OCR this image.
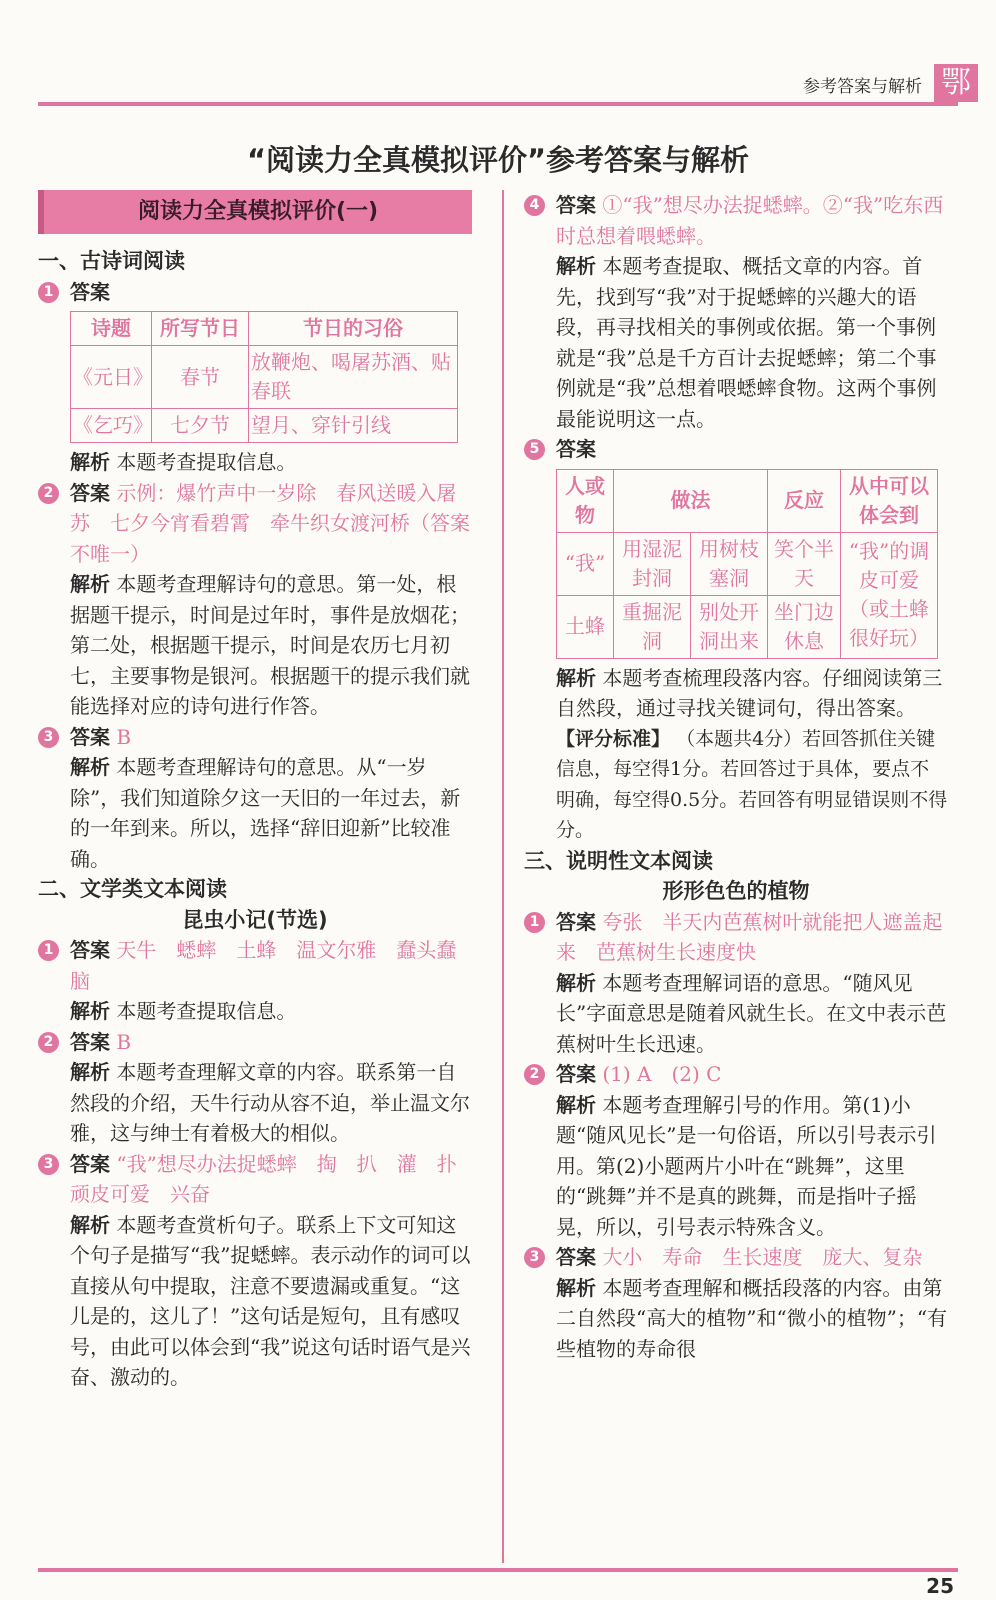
参考答案与解析 鄂
“阅读力全真模拟评价”参考答案与解析
阅读力全真模拟评价(一)
一、古诗词阅读
1 答案
诗题	所写节日	节日的习俗
《元日》	春节	放鞭炮、喝屠苏酒、贴春联
《乞巧》	七夕节	望月、穿针引线
解析 本题考查提取信息。
2 答案 示例：爆竹声中一岁除　春风送暖入屠苏　七夕今宵看碧霄　牵牛织女渡河桥（答案不唯一）
解析 本题考查理解诗句的意思。第一处，根据题干提示，时间是过年时，事件是放烟花；第二处，根据题干提示，时间是农历七月初七，主要事物是银河。根据题干的提示我们就能选择对应的诗句进行作答。
3 答案 B
解析 本题考查理解诗句的意思。从“一岁除”，我们知道除夕这一天旧的一年过去，新的一年到来。所以，选择“辞旧迎新”比较准确。
二、文学类文本阅读
昆虫小记(节选)
1 答案 天牛　蟋蟀　土蜂　温文尔雅　蠢头蠢脑
解析 本题考查提取信息。
2 答案 B
解析 本题考查理解文章的内容。联系第一自然段的介绍，天牛行动从容不迫，举止温文尔雅，这与绅士有着极大的相似。
3 答案 “我”想尽办法捉蟋蟀　掏　扒　灌　扑　顽皮可爱　兴奋
解析 本题考查赏析句子。联系上下文可知这个句子是描写“我”捉蟋蟀。表示动作的词可以直接从句中提取，注意不要遗漏或重复。“这儿是的，这儿了！”这句话是短句，且有感叹号，由此可以体会到“我”说这句话时语气是兴奋、激动的。
4 答案 ①“我”想尽办法捉蟋蟀。②“我”吃东西时总想着喂蟋蟀。
解析 本题考查提取、概括文章的内容。首先，找到写“我”对于捉蟋蟀的兴趣大的语段，再寻找相关的事例或依据。第一个事例就是“我”总是千方百计去捉蟋蟀；第二个事例就是“我”总想着喂蟋蟀食物。这两个事例最能说明这一点。
5 答案
人或物	做法		反应	从中可以体会到
“我”	用湿泥封洞	用树枝塞洞	笑个半天	“我”的调皮可爱（或土蜂很好玩）
土蜂	重掘泥洞	别处开洞出来	坐门边休息	
解析 本题考查梳理段落内容。仔细阅读第三自然段，通过寻找关键词句，得出答案。
【评分标准】 （本题共4分）若回答抓住关键信息，每空得1分。若回答过于具体，要点不明确，每空得0.5分。若回答有明显错误则不得分。
三、说明性文本阅读
形形色色的植物
1 答案 夸张　半天内芭蕉树叶就能把人遮盖起来　芭蕉树生长速度快
解析 本题考查理解词语的意思。“随风见长”字面意思是随着风就生长。在文中表示芭蕉树叶生长迅速。
2 答案 (1) A　(2) C
解析 本题考查理解引号的作用。第(1)小题“随风见长”是一句俗语，所以引号表示引用。第(2)小题两片小叶在“跳舞”，这里的“跳舞”并不是真的跳舞，而是指叶子摇晃，所以，引号表示特殊含义。
3 答案 大小　寿命　生长速度　庞大、复杂
解析 本题考查理解和概括段落的内容。由第二自然段“高大的植物”和“微小的植物”；“有些植物的寿命很
25
